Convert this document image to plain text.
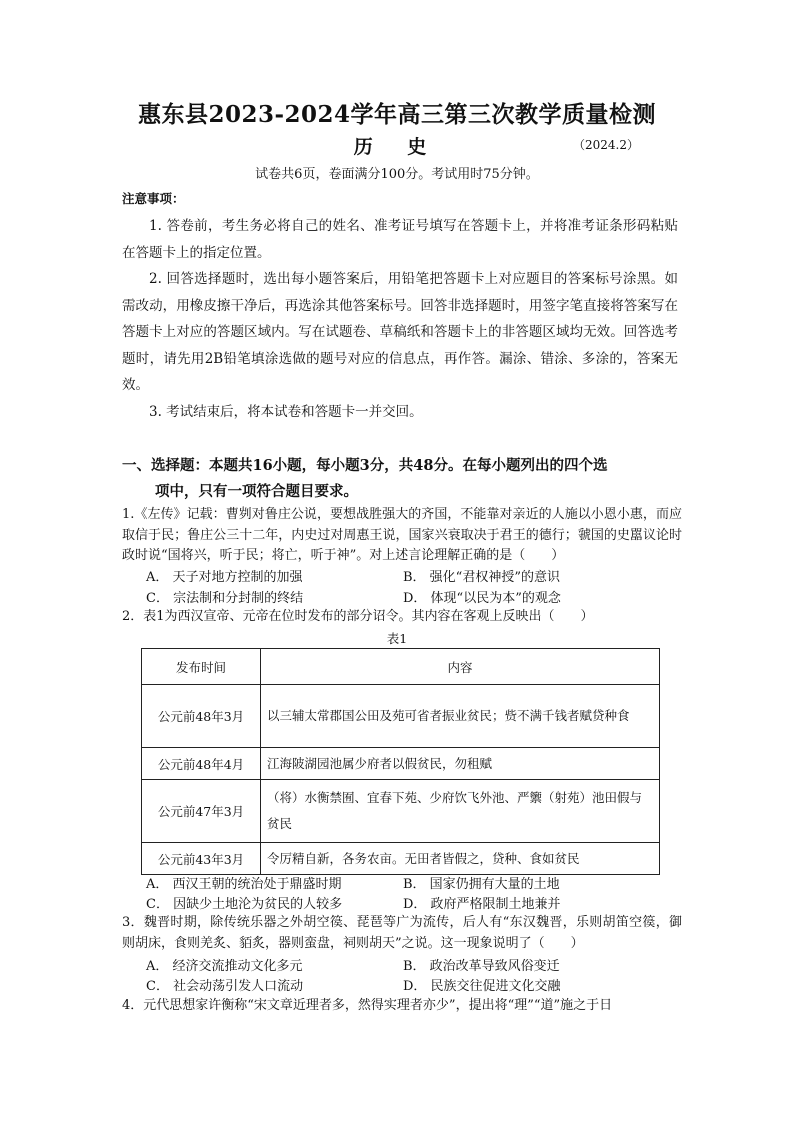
惠东县2023-2024学年高三第三次教学质量检测
历 史	（2024.2）
试卷共6页，卷面满分100分。考试用时75分钟。
注意事项：
1. 答卷前，考生务必将自己的姓名、准考证号填写在答题卡上，并将准考证条形码粘贴在答题卡上的指定位置。
2. 回答选择题时，选出每小题答案后，用铅笔把答题卡上对应题目的答案标号涂黑。如需改动，用橡皮擦干净后，再选涂其他答案标号。回答非选择题时，用签字笔直接将答案写在答题卡上对应的答题区域内。写在试题卷、草稿纸和答题卡上的非答题区域均无效。回答选考题时，请先用2B铅笔填涂选做的题号对应的信息点，再作答。漏涂、错涂、多涂的，答案无效。
3. 考试结束后，将本试卷和答题卡一并交回。
一、选择题：本题共16小题，每小题3分，共48分。在每小题列出的四个选
项中，只有一项符合题目要求。
1.《左传》记载：曹刿对鲁庄公说，要想战胜强大的齐国，不能靠对亲近的人施以小恩小惠，而应取信于民；鲁庄公三十二年，内史过对周惠王说，国家兴衰取决于君王的德行；虢国的史嚚议论时政时说“国将兴，听于民；将亡，听于神”。对上述言论理解正确的是（　　）
A． 天子对地方控制的加强	B． 强化“君权神授”的意识
C． 宗法制和分封制的终结	D． 体现“以民为本”的观念
2．表1为西汉宣帝、元帝在位时发布的部分诏令。其内容在客观上反映出（　　）
表1
发布时间	内容
公元前48年3月	以三辅太常郡国公田及苑可省者振业贫民；赀不满千钱者赋贷种食
公元前48年4月	江海陂湖园池属少府者以假贫民，勿租赋
公元前47年3月	（将）水衡禁囿、宜春下苑、少府饮飞外池、严籞（射苑）池田假与贫民
公元前43年3月	令厉精自新，各务农亩。无田者皆假之，贷种、食如贫民
A． 西汉王朝的统治处于鼎盛时期	B． 国家仍拥有大量的土地
C． 因缺少土地沦为贫民的人较多	D． 政府严格限制土地兼并
3．魏晋时期，除传统乐器之外胡空篌、琵琶等广为流传，后人有“东汉魏晋，乐则胡笛空篌，御则胡床，食则羌炙、貊炙，器则蛮盘，祠则胡天”之说。这一现象说明了（　　）
A． 经济交流推动文化多元	B． 政治改革导致风俗变迁
C． 社会动荡引发人口流动	D． 民族交往促进文化交融
4．元代思想家许衡称“宋文章近理者多，然得实理者亦少”，提出将“理”“道”施之于日
